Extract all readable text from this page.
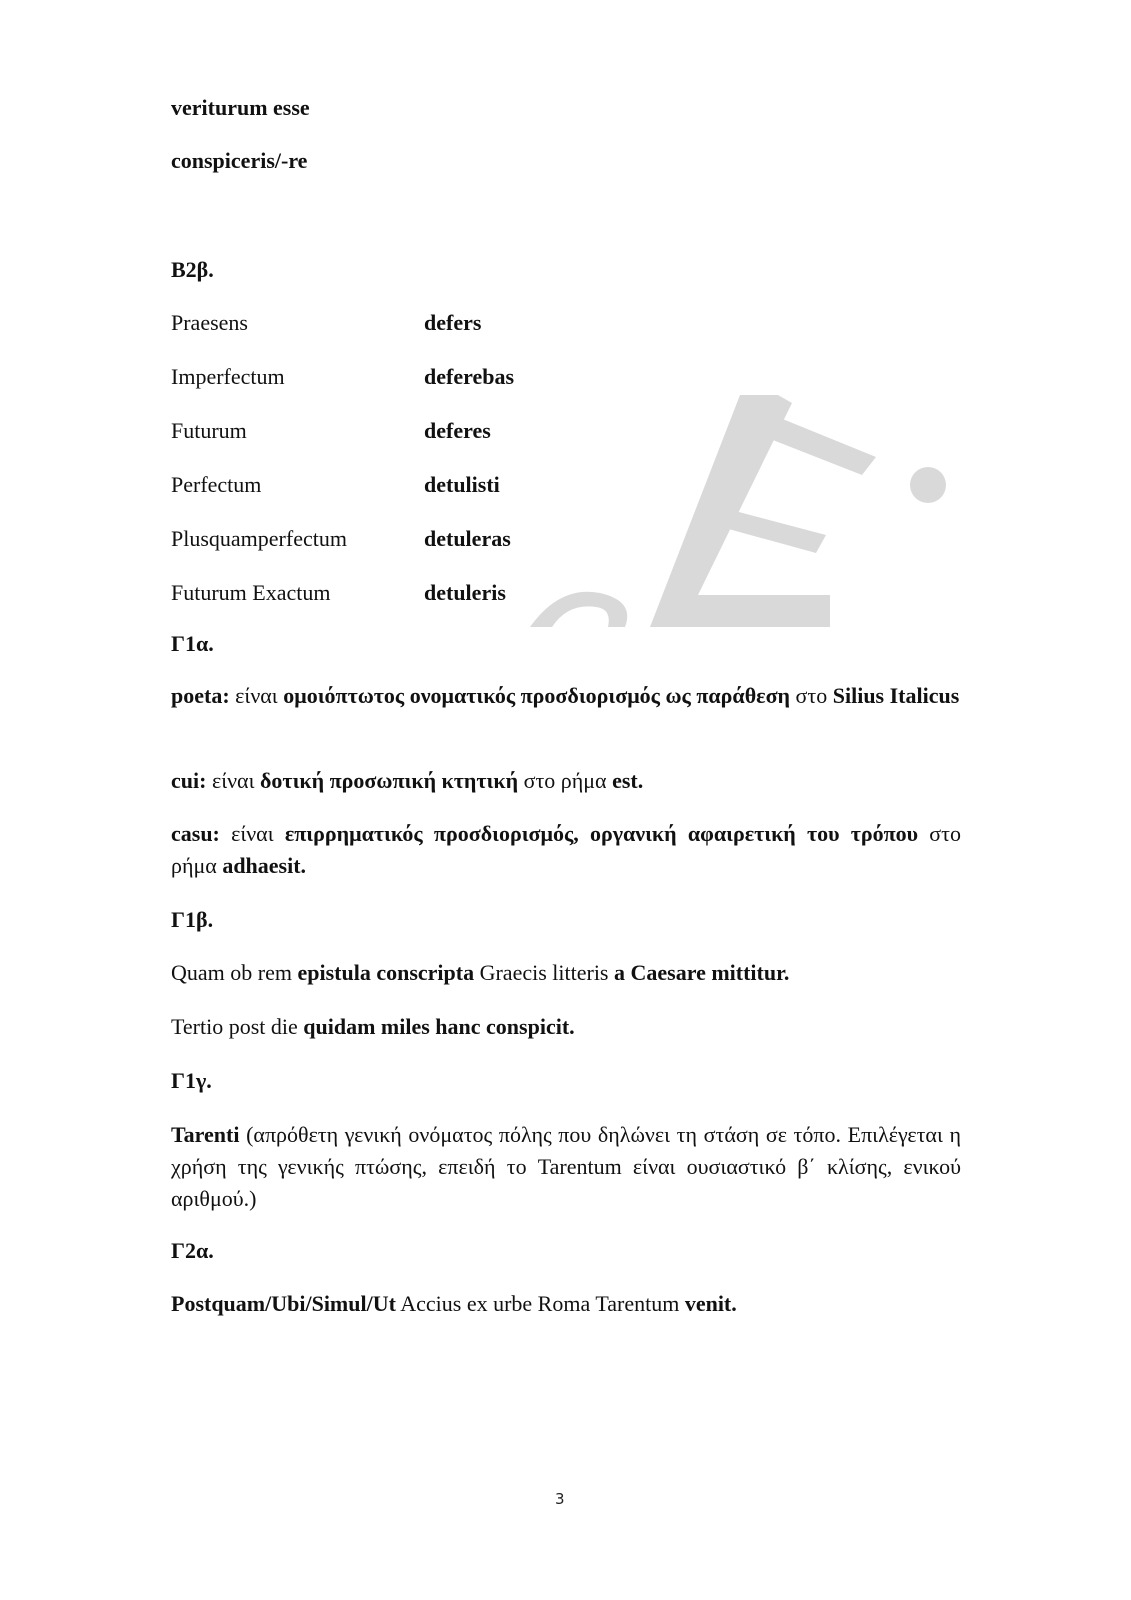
veriturum esse
conspiceris/-re
B2β.
Praesens	defers
Imperfectum	deferebas
Futurum	deferes
Perfectum	detulisti
Plusquamperfectum	detuleras
Futurum Exactum	detuleris
Γ1α.
poeta: είναι ομοιόπτωτος ονοματικός προσδιορισμός ως παράθεση στο Silius Italicus
cui: είναι δοτική προσωπική κτητική στο ρήμα est.
casu: είναι επιρρηματικός προσδιορισμός, οργανική αφαιρετική του τρόπου στο ρήμα adhaesit.
Γ1β.
Quam ob rem epistula conscripta Graecis litteris a Caesare mittitur.
Tertio post die quidam miles hanc conspicit.
Γ1γ.
Tarenti (απρόθετη γενική ονόματος πόλης που δηλώνει τη στάση σε τόπο. Επιλέγεται η χρήση της γενικής πτώσης, επειδή το Tarentum είναι ουσιαστικό β΄ κλίσης, ενικού αριθμού.)
Γ2α.
Postquam/Ubi/Simul/Ut Accius ex urbe Roma Tarentum venit.
3
